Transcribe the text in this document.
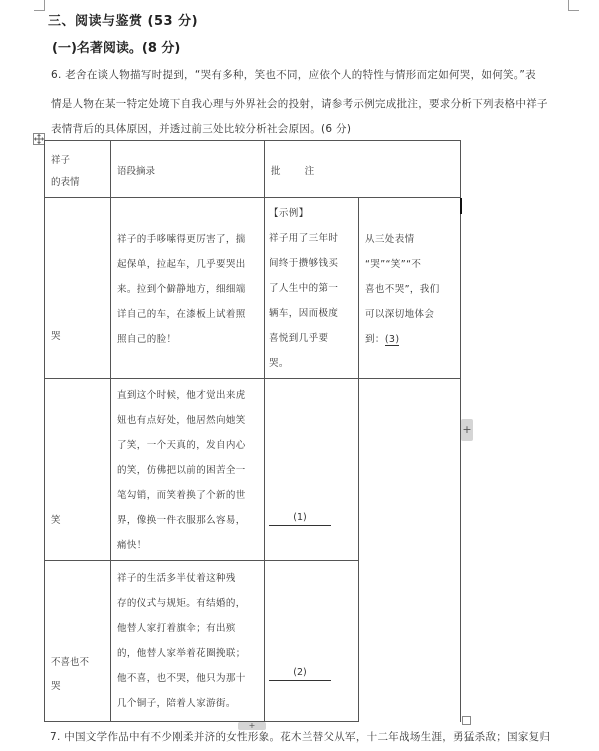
三、阅读与鉴赏 (53 分)
(一)名著阅读。(8 分)
6. 老舍在谈人物描写时提到，“哭有多种，笑也不同，应依个人的特性与情形而定如何哭，如何笑。”表
情是人物在某一特定处境下自我心理与外界社会的投射，请参考示例完成批注，要求分析下列表格中祥子
表情背后的具体原因，并透过前三处比较分析社会原因。(6 分)
祥子
的表情
语段摘录	批        注
哭
祥子的手哆嗦得更厉害了，揣
起保单，拉起车，几乎要哭出
来。拉到个僻静地方，细细端
详自己的车，在漆板上试着照
照自己的脸！
【示例】
祥子用了三年时
间终于攒够钱买
了人生中的第一
辆车，因而极度
喜悦到几乎要
哭。
从三处表情
“哭”“笑”“不
喜也不哭”，我们
可以深切地体会
到：(3)
笑
直到这个时候，他才觉出来虎
妞也有点好处，他居然向她笑
了笑，一个天真的，发自内心
的笑，仿佛把以前的困苦全一
笔勾销，而笑着换了个新的世
界，像换一件衣服那么容易，
痛快！
(1)
不喜也不
哭
祥子的生活多半仗着这种残
存的仪式与规矩。有结婚的，
他替人家打着旗伞；有出殡
的，他替人家举着花圈挽联；
他不喜，也不哭，他只为那十
几个铜子，陪着人家游街。
(2)
+
+
7. 中国文学作品中有不少刚柔并济的女性形象。花木兰替父从军，十二年战场生涯，勇猛杀敌；国家复归
